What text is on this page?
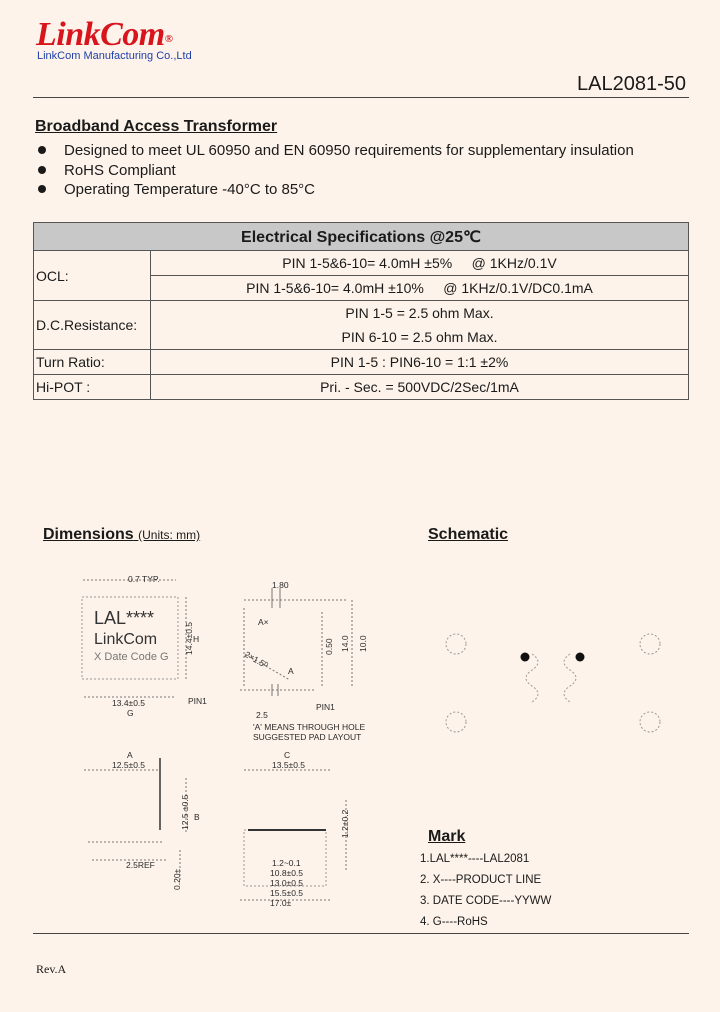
LinkCom®
LinkCom Manufacturing Co.,Ltd
LAL2081-50
Broadband Access Transformer
Designed to meet UL 60950 and EN 60950 requirements for supplementary insulation
RoHS Compliant
Operating Temperature -40°C to 85°C
Electrical Specifications @25℃	
OCL:	PIN 1-5&6-10= 4.0mH ±5%     @ 1KHz/0.1V
	PIN 1-5&6-10= 4.0mH ±10%     @ 1KHz/0.1V/DC0.1mA
D.C.Resistance:	PIN 1-5 = 2.5 ohm Max.
	PIN 6-10 = 2.5 ohm Max.
Turn Ratio:	PIN 1-5 : PIN6-10 = 1:1 ±2%
Hi-POT :	Pri. - Sec. = 500VDC/2Sec/1mA
Dimensions (Units: mm)	Schematic
0.7 TYP.
14.4±0.5 H
13.4±0.5
G
PIN1
1.80
A×
0.50 14.0 10.0
2×1.5ᴰ
A
2.5
PIN1
'A' MEANS THROUGH HOLE
SUGGESTED PAD LAYOUT
A
12.5±0.5
12.5 ±0.5 B
2.5REF
0.20±
C
13.5±0.5
1.2±0.2
1.2~0.1
10.8±0.5
13.0±0.5
15.5±0.5
17.0±
LAL****
LinkCom
X Date Code G
Mark
1.LAL****----LAL2081
2. X----PRODUCT LINE
3. DATE CODE----YYWW
4. G----RoHS
Rev.A
